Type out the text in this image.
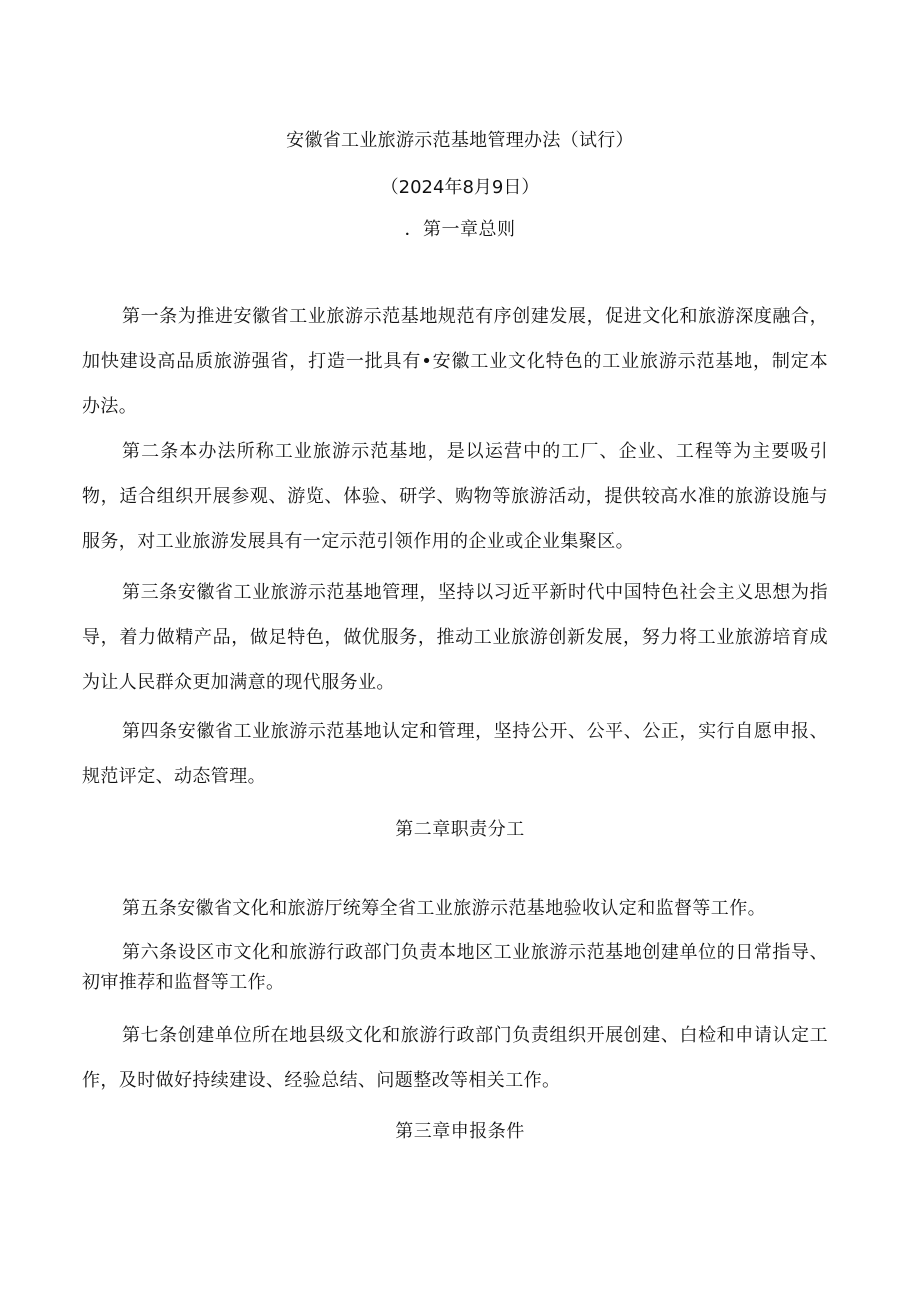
安徽省工业旅游示范基地管理办法（试行）
（2024年8月9日）
．第一章总则

第一条为推进安徽省工业旅游示范基地规范有序创建发展，促进文化和旅游深度融合，加快建设高品质旅游强省，打造一批具有•安徽工业文化特色的工业旅游示范基地，制定本办法。

第二条本办法所称工业旅游示范基地，是以运营中的工厂、企业、工程等为主要吸引物，适合组织开展参观、游览、体验、研学、购物等旅游活动，提供较高水准的旅游设施与服务，对工业旅游发展具有一定示范引领作用的企业或企业集聚区。

第三条安徽省工业旅游示范基地管理，坚持以习近平新时代中国特色社会主义思想为指导，着力做精产品，做足特色，做优服务，推动工业旅游创新发展，努力将工业旅游培育成为让人民群众更加满意的现代服务业。

第四条安徽省工业旅游示范基地认定和管理，坚持公开、公平、公正，实行自愿申报、规范评定、动态管理。

第二章职责分工

第五条安徽省文化和旅游厅统筹全省工业旅游示范基地验收认定和监督等工作。

第六条设区市文化和旅游行政部门负责本地区工业旅游示范基地创建单位的日常指导、初审推荐和监督等工作。

第七条创建单位所在地县级文化和旅游行政部门负责组织开展创建、白检和申请认定工作，及时做好持续建设、经验总结、问题整改等相关工作。

第三章申报条件
